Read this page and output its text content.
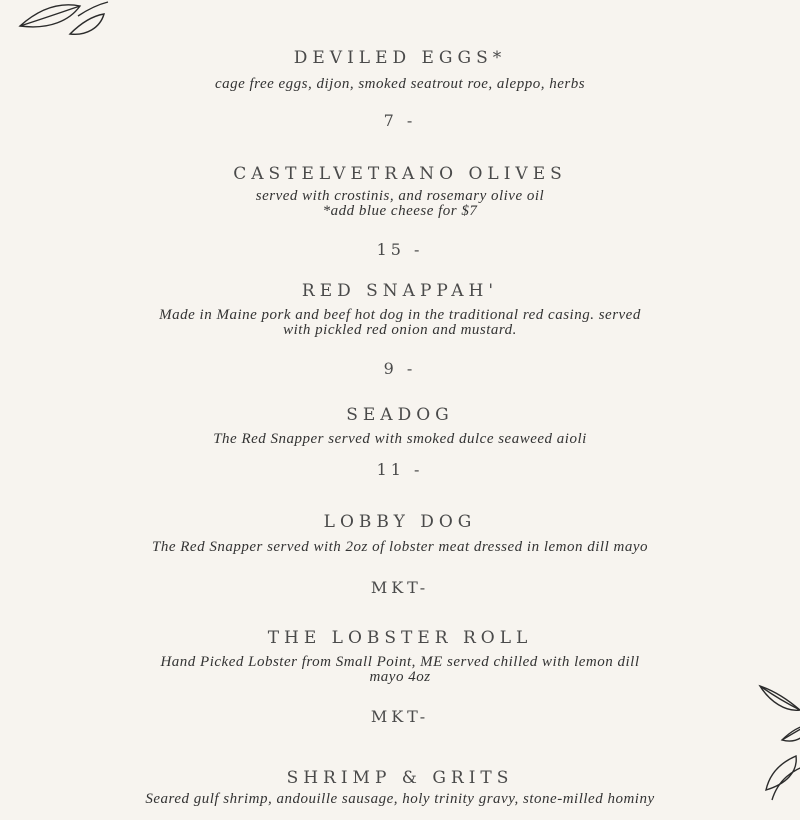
DEVILED EGGS*
cage free eggs, dijon, smoked seatrout roe, aleppo, herbs
7 -
CASTELVETRANO OLIVES
served with crostinis, and rosemary olive oil
*add blue cheese for $7
15 -
RED SNAPPAH'
Made in Maine pork and beef hot dog in the traditional red casing. served
with pickled red onion and mustard.
9 -
SEADOG
The Red Snapper served with smoked dulce seaweed aioli
11 -
LOBBY DOG
The Red Snapper served with 2oz of lobster meat dressed in lemon dill mayo
MKT-
THE LOBSTER ROLL
Hand Picked Lobster from Small Point, ME served chilled with lemon dill
mayo 4oz
MKT-
SHRIMP & GRITS
Seared gulf shrimp, andouille sausage, holy trinity gravy, stone-milled hominy
